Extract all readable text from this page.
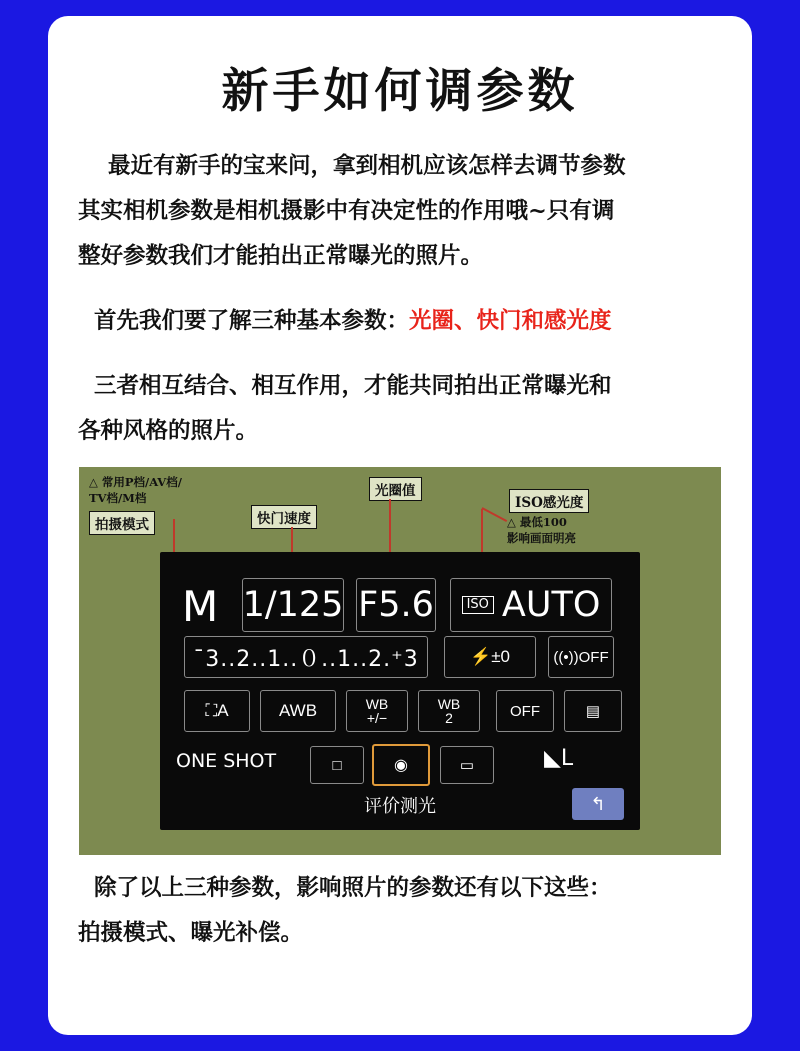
新手如何调参数
最近有新手的宝来问，拿到相机应该怎样去调节参数
其实相机参数是相机摄影中有决定性的作用哦~只有调
整好参数我们才能拍出正常曝光的照片。
首先我们要了解三种基本参数：光圈、快门和感光度
三者相互结合、相互作用，才能共同拍出正常曝光和
各种风格的照片。
△ 常用P档/AV档/
TV档/M档
拍摄模式	快门速度
光圈值
ISO感光度
△ 最低100
影响画面明亮
M 1/125 F5.6	ISO AUTO
¯3..2..1..０..1..2.⁺3	⚡ ±0	((•)) OFF
⛶ A	AWB	WB
+/−
WB
2	OFF	▤
ONE SHOT	□	◉	▭	◣L
评价测光	↰
除了以上三种参数，影响照片的参数还有以下这些：
拍摄模式、曝光补偿。
